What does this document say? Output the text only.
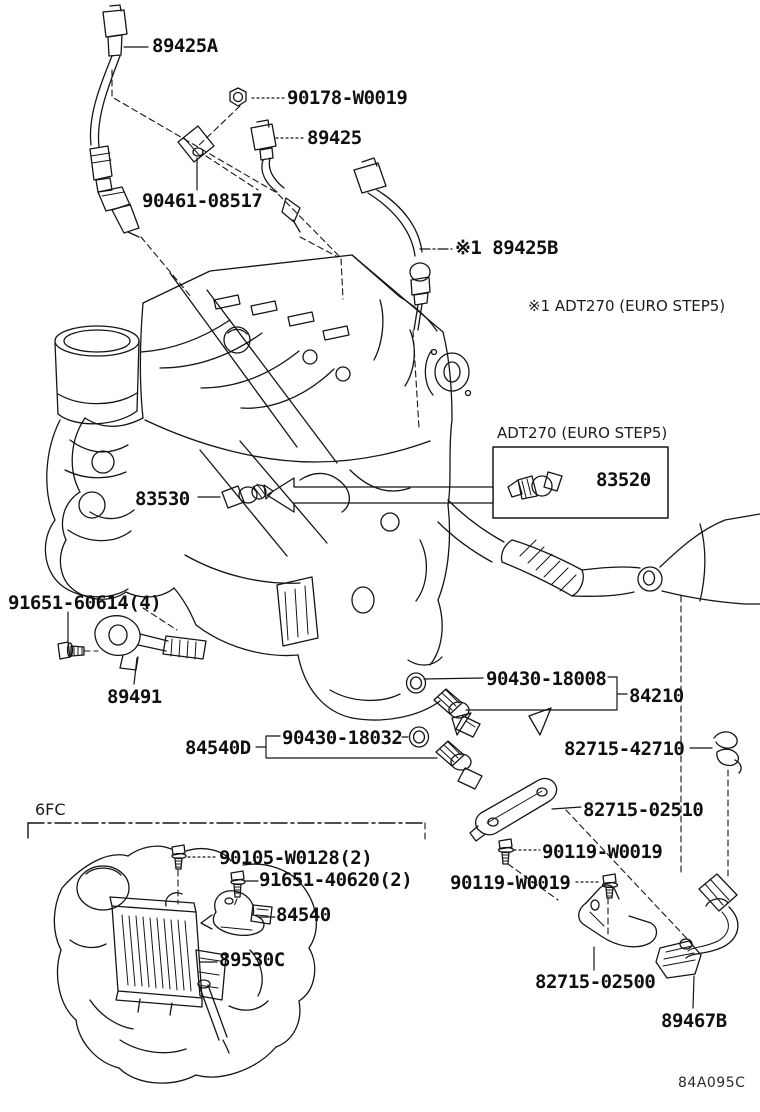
89425A
90178-W0019
89425
90461-08517
※1 89425B
※1 ADT270 (EURO STEP5)
ADT270 (EURO STEP5)
83520
83530
91651-60614(4)
89491
90430-18008
84210
84540D 90430-18032	82715-42710
82715-02510
90119-W0019
90119-W0019
82715-02500
89467B
6FC
90105-W0128(2)
91651-40620(2)
84540
89530C
84A095C
